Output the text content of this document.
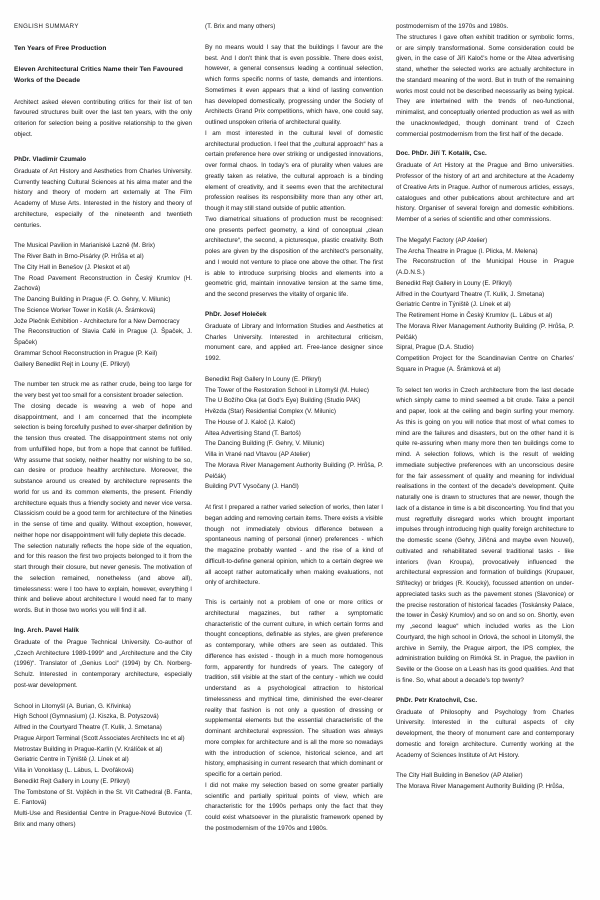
ENGLISH SUMMARY
Ten Years of Free Production
Eleven Architectural Critics Name their Ten Favoured Works of the Decade

Architect asked eleven contributing critics for their list of ten favoured structures built over the last ten years, with the only criterion for selection being a positive relationship to the given object.

PhDr. Vladimír Czumalo

Graduate of Art History and Aesthetics from Charles University. Currently teaching Cultural Sciences at his alma mater and the history and theory of modern art externally at The Film Academy of Muse Arts. Interested in the history and theory of architecture, especially of the nineteenth and twentieth centuries.

The Musical Pavilion in Marianiské Lazně (M. Brix)
The River Bath in Brno-Pisárky (P. Hrůša et al)
The City Hall in Benešov (J. Pleskot et al)
The Road Pavement Reconstruction in Český Krumlov (H. Zachová)
The Dancing Building in Prague (F. O. Gehry, V. Milunic)
The Science Worker Tower in Košík (A. Šrámková)
Jože Plečnik Exhibition - Architecture for a New Democracy
The Reconstruction of Slavia Café in Prague (J. Špaček, J. Špaček)
Grammar School Reconstruction in Prague (P. Keil)
Gallery Benedikt Rejt in Louny (E. Přikryl)

The number ten struck me as rather crude, being too large for the very best yet too small for a consistent broader selection.

The closing decade is weaving a web of hope and disappointment, and I am concerned that the incomplete selection is being forcefully pushed to ever-sharper definition by the tension thus created. The disappointment stems not only from unfulfilled hope, but from a hope that cannot be fulfilled. Why assume that society, neither healthy nor wishing to be so, can desire or produce healthy architecture. Moreover, the substance around us created by architecture represents the world for us and its common elements, the present. Friendly architecture equals thus a friendly society and never vice versa. Classicism could be a good term for architecture of the Nineties in the sense of time and quality. Without exception, however, neither hope nor disappointment will fully deplete this decade.

The selection naturally reflects the hope side of the equation, and for this reason the first two projects belonged to it from the start through their closure, but never genesis. The motivation of the selection remained, nonetheless (and above all), timelessness: were I too have to explain, however, everything I think and believe about architecture I would need far to many words. But in those two works you will find it all.

Ing. Arch. Pavel Halík

Graduate of the Prague Technical University. Co-author of „Czech Architecture 1989-1999“ and „Architecture and the City (1996)“. Translator of „Genius Loci“ (1994) by Ch. Norberg-Schulz. Interested in contemporary architecture, especially post-war development.

School in Litomyšl (A. Burian, G. Křivinka)
High School (Gymnasium) (J. Kiszka, B. Potyszová)
Alfred in the Courtyard Theatre (T. Kulik, J. Smetana)
Prague Airport Terminal (Scott Associates Architects Inc et al)
Metrostav Building in Prague-Karlín (V. Králíček et al)
Geriatric Centre in Týniště (J. Línek et al)
Villa in Vonoklasy (L. Lábus, L. Dvořáková)
Benedikt Rejt Gallery in Louny (E. Přikryl)
The Tombstone of St. Vojtěch in the St. Vít Cathedral (B. Fanta, E. Fantová)
Multi-Use and Residential Centre in Prague-Nové Butovice (T. Brix and many others)
(T. Brix and many others)

By no means would I say that the buildings I favour are the best. And I don't think that is even possible. There does exist, however, a general consensus leading a continual selection, which forms specific norms of taste, demands and intentions. Sometimes it even appears that a kind of lasting convention has developed domestically, progressing under the Society of Architects Grand Prix competitions, which have, one could say, outlined unspoken criteria of architectural quality.

I am most interested in the cultural level of domestic architectural production. I feel that the „cultural approach“ has a certain preference here over striking or undigested innovations, over formal chaos. In today's era of plurality when values are greatly taken as relative, the cultural approach is a binding element of creativity, and it seems even that the architectural profession realises its responsibility more than any other art, though it may still stand outside of public attention.

Two diametrical situations of production must be recognised: one presents perfect geometry, a kind of conceptual „clean architecture“, the second, a picturesque, plastic creativity. Both poles are given by the disposition of the architect's personality, and I would not venture to place one above the other. The first is able to introduce surprising blocks and elements into a geometric grid, maintain innovative tension at the same time, and the second preserves the vitality of organic life.

PhDr. Josef Holeček

Graduate of Library and Information Studies and Aesthetics at Charles University. Interested in architectural criticism, monument care, and applied art. Free-lance designer since 1992.

Benedikt Rejt Gallery In Louny (E. Přikryl)
The Tower of the Restoration School in Litomyšl (M. Hulec)
The U Božího Oka (at God's Eye) Building (Studio PAK)
Hvězda (Star) Residential Complex (V. Milunic)
The House of J. Kaloč (J. Kaloč)
Altea Advertising Stand (T. Bartoš)
The Dancing Building (F. Gehry, V. Milunic)
Villa in Vrané nad Vltavou (AP Atelier)
The Morava River Management Authority Building (P. Hrůša, P. Pelčák)
Building PVT Vysočany (J. Hančl)

At first I prepared a rather varied selection of works, then later I began adding and removing certain items. There exists a visible though not immediately obvious difference between a spontaneous naming of personal (inner) preferences - which the magazine probably wanted - and the rise of a kind of difficult-to-define general opinion, which to a certain degree we all accept rather automatically when making evaluations, not only of architecture.

This is certainly not a problem of one or more critics or architectural magazines, but rather a symptomatic characteristic of the current culture, in which certain forms and thought conceptions, definable as styles, are given preference as contemporary, while others are seen as outdated. This difference has existed - though in a much more homogenous form, apparently for hundreds of years. The category of tradition, still visible at the start of the century - which we could understand as a psychological attraction to historical timelessness and mythical time, diminished the ever-clearer reality that fashion is not only a question of dressing or supplemental elements but the essential characteristic of the dominant architectural expression. The situation was always more complex for architecture and is all the more so nowadays with the introduction of science, historical science, and art history, emphasising in current research that which dominant or specific for a certain period.

I did not make my selection based on some greater partially scientific and partially spiritual points of view, which are characteristic for the 1990s perhaps only the fact that they could exist whatsoever in the pluralistic framework opened by the postmodernism of the 1970s and 1980s.

postmodernism of the 1970s and 1980s.

The structures I gave often exhibit tradition or symbolic forms, or are simply transformational. Some consideration could be given, in the case of Jiří Kaloč's home or the Altea advertising stand, whether the selected works are actually architecture in the standard meaning of the word. But in truth of the remaining works most could not be described necessarily as being typical. They are intertwined with the trends of neo-functional, minimalist, and conceptually oriented production as well as with the unacknowledged, though dominant trend of Czech commercial postmodernism from the first half of the decade.

Doc. PhDr. Jiří T. Kotalík, Csc.

Graduate of Art History at the Prague and Brno universities. Professor of the history of art and architecture at the Academy of Creative Arts in Prague. Author of numerous articles, essays, catalogues and other publications about architecture and art history. Organiser of several foreign and domestic exhibitions. Member of a series of scientific and other commissions.

The Megafyt Factory (AP Atelier)
The Archa Theatre in Prague (I. Plicka, M. Melena)
The Reconstruction of the Municipal House in Prague (A.D.N.S.)
Benedikt Rejt Gallery in Louny (E. Přikryl)
Alfred in the Courtyard Theatre (T. Kulík, J. Smetana)
Geriatric Centre in Týniště (J. Línek et al)
The Retirement Home in Český Krumlov (L. Lábus et al)
The Morava River Management Authority Building (P. Hrůša, P. Pelčák)
Sipral, Prague (D.A. Studio)
Competition Project for the Scandinavian Centre on Charles' Square in Prague (A. Šrámková et al)

To select ten works in Czech architecture from the last decade which simply came to mind seemed a bit crude. Take a pencil and paper, look at the ceiling and begin surfing your memory. As this is going on you will notice that most of what comes to mind are the failures and disasters, but on the other hand it is quite re-assuring when many more then ten buildings come to mind. A selection follows, which is the result of welding immediate subjective preferences with an unconscious desire for the fair assessment of quality and meaning for individual realisations in the context of the decade's development. Quite naturally one is drawn to structures that are newer, though the lack of a distance in time is a bit disconcerting. You find that you must regretfully disregard works which brought important impulses through introducing high quality foreign architecture to the domestic scene (Gehry, Jiřičná and maybe even Nouvel), cultivated and rehabilitated several traditional tasks - like interiors (Ivan Kroupa), provocatively influenced the architectural expression and formation of buildings (Krupauer, Střítecky) or bridges (R. Koucký), focussed attention on under-appreciated tasks such as the pavement stones (Slavonice) or the precise restoration of historical facades (Toskánsky Palace, the tower in Český Krumlov) and so on and so on. Shortly, even my „second league“ which included works as the Lion Courtyard, the high school in Orlová, the school in Litomyšl, the archive in Semily, the Prague airport, the IPS complex, the administration building on Rimóká St. in Prague, the pavilion in Seville or the Goose on a Leash has its good qualities. And that is fine. So, what about a decade's top twenty?

PhDr. Petr Kratochvíl, Csc.

Graduate of Philosophy and Psychology from Charles University. Interested in the cultural aspects of city development, the theory of monument care and contemporary domestic and foreign architecture. Currently working at the Academy of Sciences Institute of Art History.

The City Hall Building in Benešov (AP Atelier)
The Morava River Management Authority Building (P. Hrůša,
